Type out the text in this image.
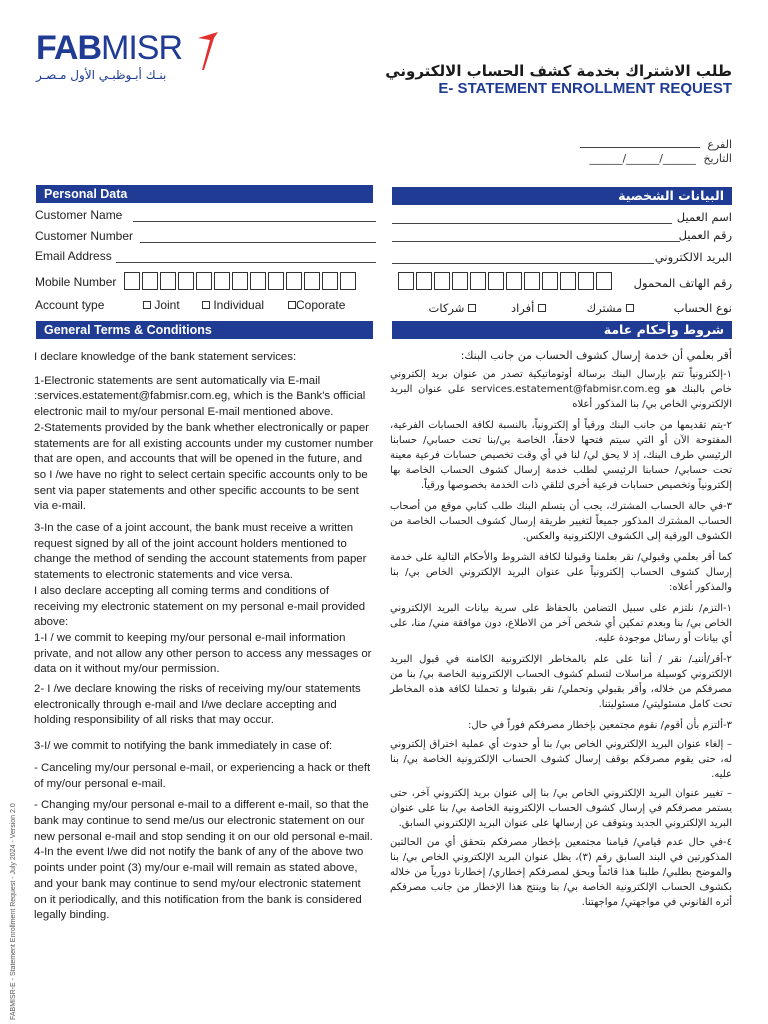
FABMISR
بنـك أبـوظبـي الأول مـصـر	طلب الاشتراك بخدمة كشف الحساب الالكتروني
E- STATEMENT ENROLLMENT REQUEST
الفرع
التاريخ ______/______/______
Personal Data	البيانات الشخصية
Customer Name
Customer Number
Email Address
اسم العميل
رقم العميل
البريد الالكتروني
Mobile Number	رقم الهاتف المحمول
Account type	Joint	Individual	Coporate	نوع الحساب
مشترك
أفراد
شركات
General Terms & Conditions	شروط وأحكام عامة

I declare knowledge of the bank statement services:

1-Electronic statements are sent automatically via E-mail :services.estatement@fabmisr.com.eg, which is the Bank's official electronic mail to my/our personal E-mail mentioned above.

2-Statements provided by the bank whether electronically or paper statements are for all existing accounts under my customer number that are open, and accounts that will be opened in the future, and so I /we have no right to select certain specific accounts only to be sent via paper statements and other specific accounts to be sent via e-mail.

3-In the case of a joint account, the bank must receive a written request signed by all of the joint account holders mentioned to change the method of sending the account statements from paper statements to electronic statements and vice versa.

I also declare accepting all coming terms and conditions of receiving my electronic statement on my personal e-mail provided above:

1-I / we commit to keeping my/our personal e-mail information private, and not allow any other person to access any messages or data on it without my/our permission.

2- I /we declare knowing the risks of receiving my/our statements electronically through e-mail and I/we declare accepting and holding responsibility of all risks that may occur.

3-I/ we commit to notifying the bank immediately in case of:

- Canceling my/our personal e-mail, or experiencing a hack or theft of my/our personal e-mail.

- Changing my/our personal e-mail to a different e-mail, so that the bank may continue to send me/us our electronic statement on our new personal e-mail and stop sending it on our old personal e-mail.

4-In the event I/we did not notify the bank of any of the above two points under point (3) my/our e-mail will remain as stated above, and your bank may continue to send my/our electronic statement on it periodically, and this notification from the bank is considered legally binding.

أقر بعلمي أن خدمة إرسال كشوف الحساب من جانب البنك:

١-إلكترونياً تتم بإرسال البنك برسالة أوتوماتيكية تصدر من عنوان بريد إلكتروني خاص بالبنك هو services.estatement@fabmisr.com.eg على عنوان البريد الإلكتروني الخاص بي/ بنا المذكور أعلاه

٢-يتم تقديمها من جانب البنك ورقياً أو إلكترونياً، بالنسبة لكافة الحسابات الفرعية، المفتوحة الآن أو التي سيتم فتحها لاحقاً، الخاصة بي/بنا تحت حسابي/ حسابنا الرئيسي طرف البنك، إذ لا يحق لي/ لنا في أي وقت تخصيص حسابات فرعية معينة تحت حسابي/ حسابنا الرئيسي لطلب خدمة إرسال كشوف الحساب الخاصة بها إلكترونياً وتخصيص حسابات فرعية أخرى لتلقي ذات الخدمة بخصوصها ورقياً.

٣-في حالة الحساب المشترك، يجب أن يتسلم البنك طلب كتابي موقع من أصحاب الحساب المشترك المذكور جميعاً لتغيير طريقة إرسال كشوف الحساب الخاصة من الكشوف الورقية إلى الكشوف الإلكترونية والعكس.

كما أقر بعلمي وقبولي/ نقر بعلمنا وقبولنا لكافة الشروط والأحكام التالية على خدمة إرسال كشوف الحساب إلكترونياً على عنوان البريد الإلكتروني الخاص بي/ بنا والمذكور أعلاه:

١-التزم/ نلتزم على سبيل التضامن بالحفاظ على سرية بيانات البريد الإلكتروني الخاص بي/ بنا وبعدم تمكين أي شخص آخر من الاطلاع، دون موافقة مني/ منا، على أي بيانات أو رسائل موجودة عليه.

٢-أقر/أننيـ/ نقر / أننا على علم بالمخاطر الإلكترونية الكامنة في قبول البريد الإلكتروني كوسيلة مراسلات لتسلم كشوف الحساب الإلكترونية الخاصة بي/ بنا من مصرفكم من خلاله، وأقر بقبولي وتحملي/ نقر بقبولنا و تحملنا لكافة هذه المخاطر تحت كامل مسئوليتي/ مسئوليتنا.

٣-ألتزم بأن أقوم/ نقوم مجتمعين بإخطار مصرفكم فوراً في حال:

– إلغاء عنوان البريد الإلكتروني الخاص بي/ بنا أو حدوث أي عملية اختراق إلكتروني له، حتى يقوم مصرفكم بوقف إرسال كشوف الحساب الإلكترونية الخاصة بي/ بنا عليه.

– تغيير عنوان البريد الإلكتروني الخاص بي/ بنا إلى عنوان بريد إلكتروني آخر، حتى يستمر مصرفكم في إرسال كشوف الحساب الإلكترونية الخاصة بي/ بنا على عنوان البريد الإلكتروني الجديد وبتوقف عن إرسالها على عنوان البريد الإلكتروني السابق.

٤-في حال عدم قيامي/ قيامنا مجتمعين بإخطار مصرفكم بتحقق أي من الحالتين المذكورتين في البند السابق رقم (٣)، يظل عنوان البريد الإلكتروني الخاص بي/ بنا والموضح بطلبي/ طلبنا هذا قائماً ويحق لمصرفكم إخطاري/ إخطارنا دورياً من خلاله بكشوف الحساب الإلكترونية الخاصة بي/ بنا وينتج هذا الإخطار من جانب مصرفكم أثره القانوني في مواجهتي/ مواجهتنا.

FABMISR-E - Statement Enrollment Request - July 2024 - Version 2.0
